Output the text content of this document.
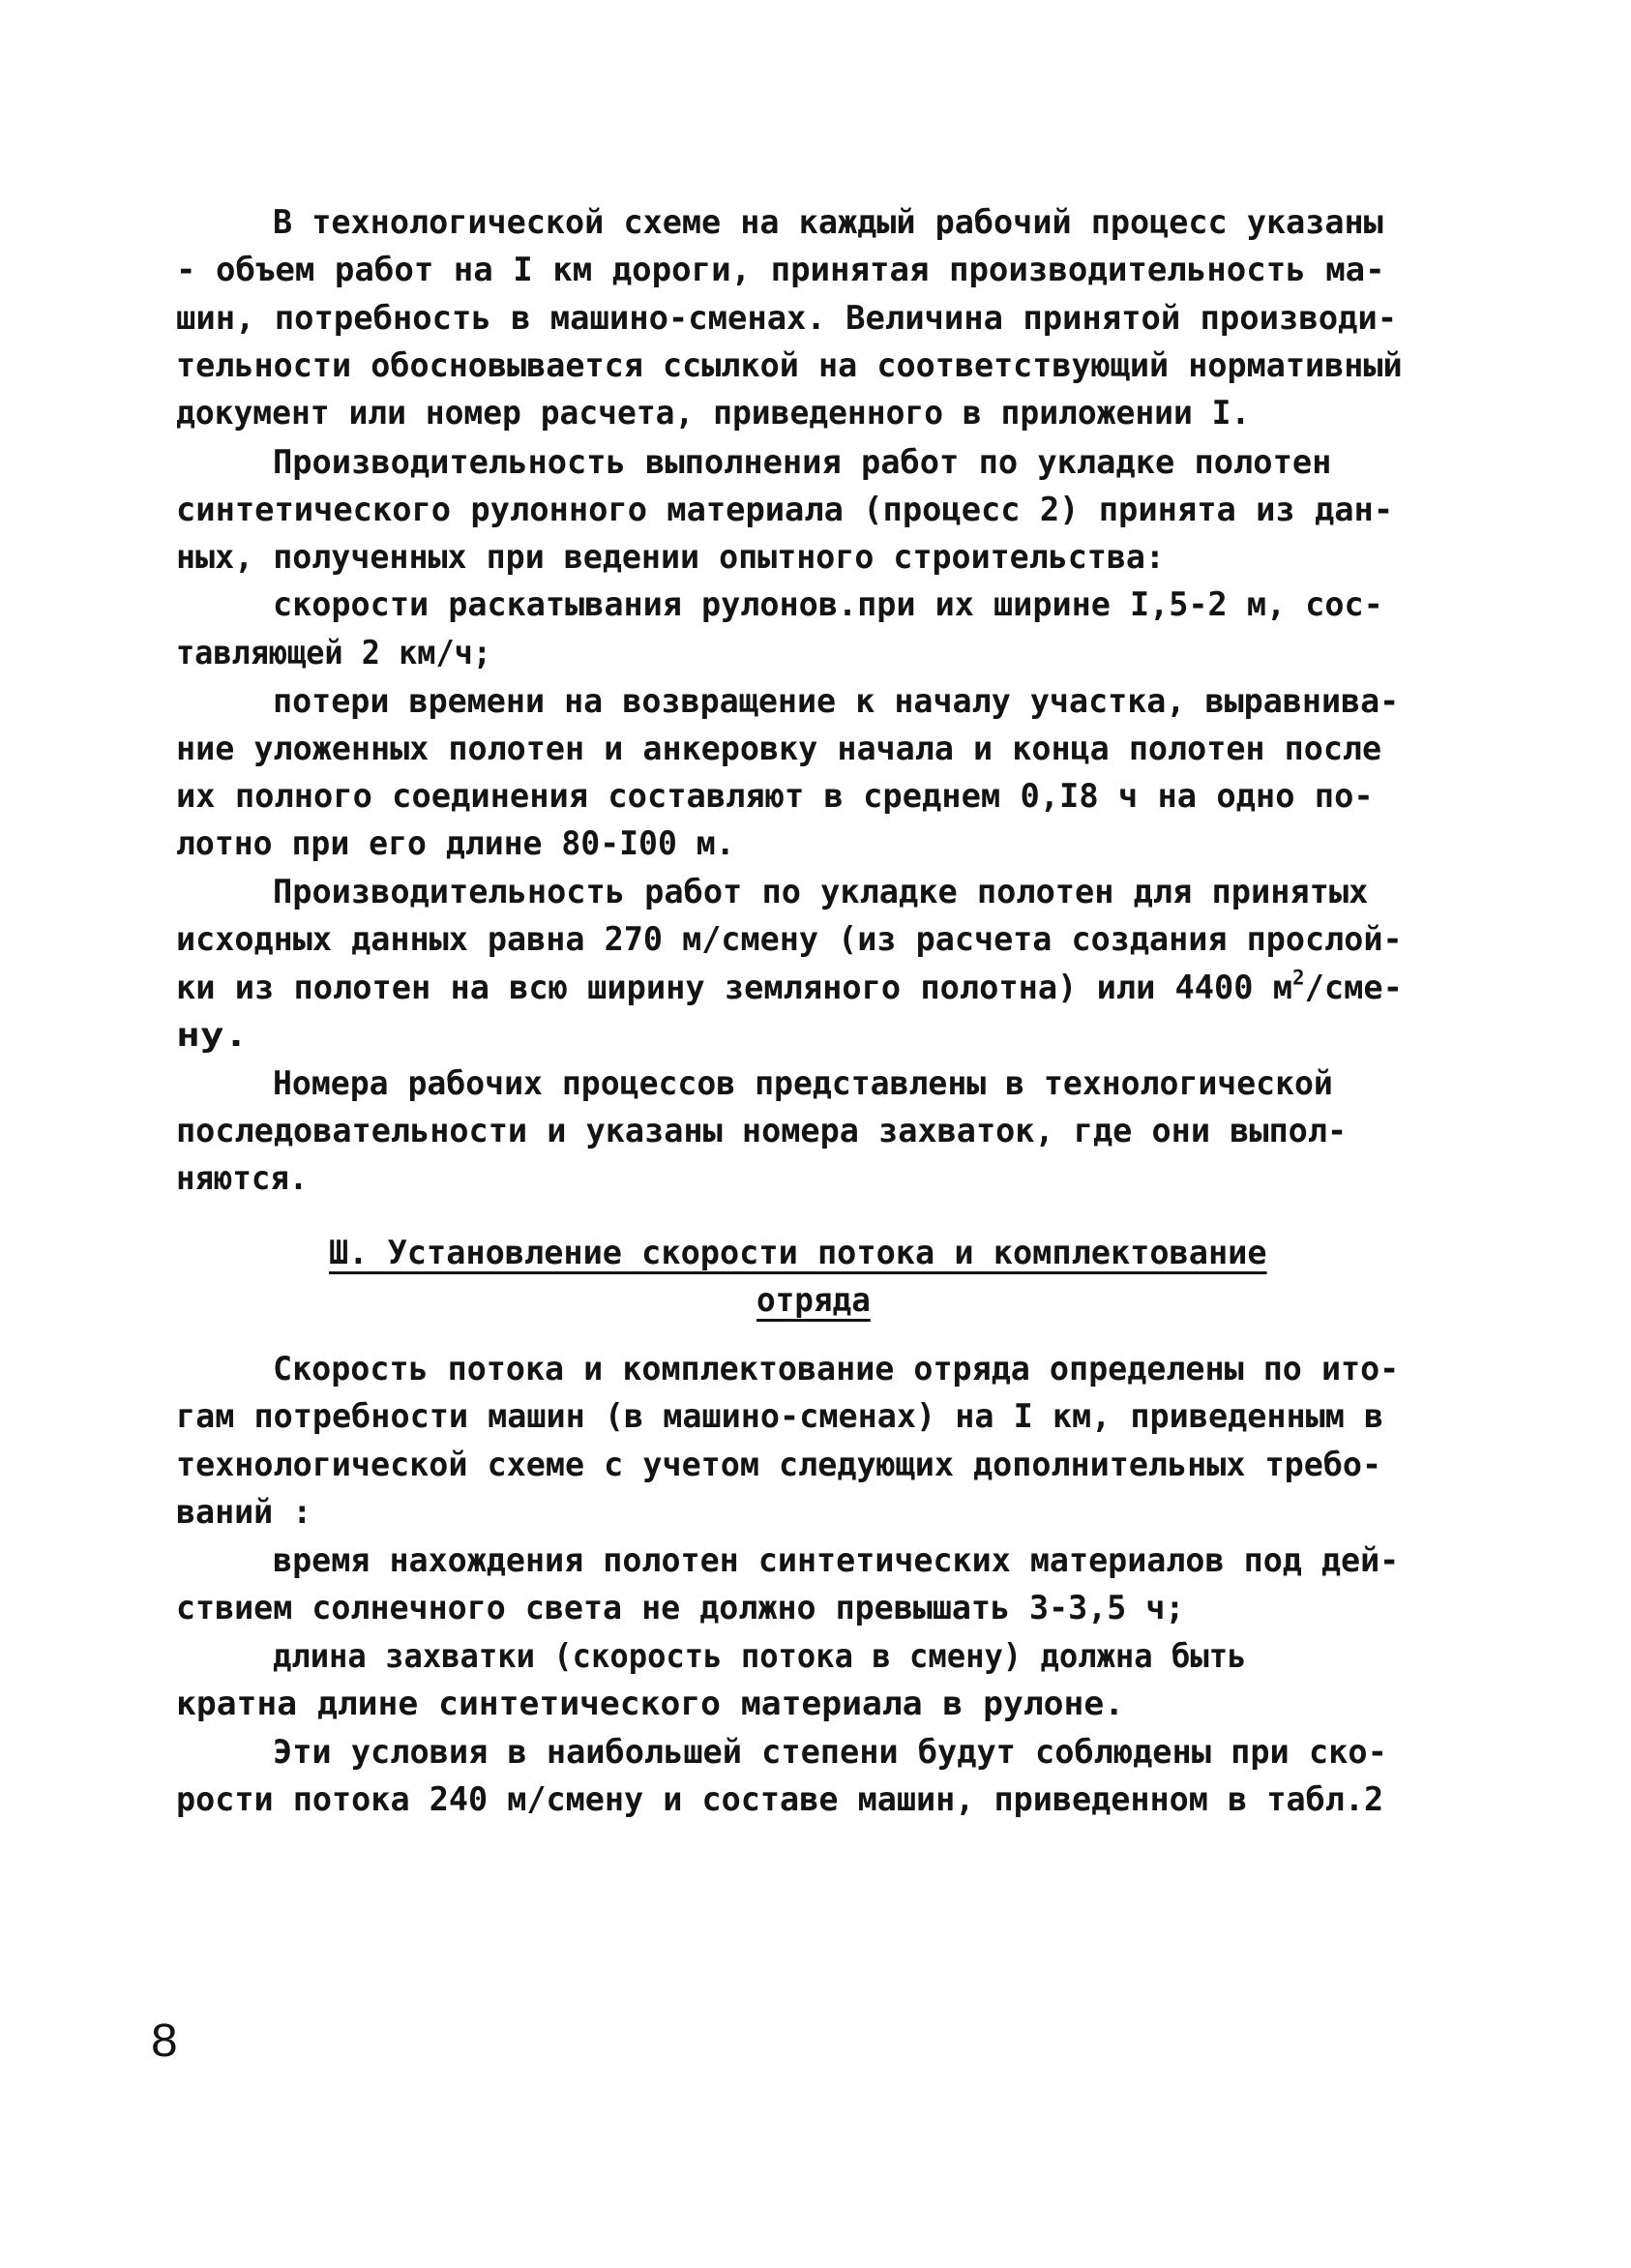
В технологической схеме на каждый рабочий процесс указаны
- объем работ на I км дороги, принятая производительность ма-
шин, потребность в машино-сменах. Величина принятой производи-
тельности обосновывается ссылкой на соответствующий нормативный
документ или номер расчета, приведенного в приложении I.
Производительность выполнения работ по укладке полотен
синтетического рулонного материала (процесс 2) принята из дан-
ных, полученных при ведении опытного строительства:
скорости раскатывания рулонов.при их ширине I,5-2 м, сос-
тавляющей 2 км/ч;
потери времени на возвращение к началу участка, выравнива-
ние уложенных полотен и анкеровку начала и конца полотен после
их полного соединения составляют в среднем 0,I8 ч на одно по-
лотно при его длине 80-I00 м.
Производительность работ по укладке полотен для принятых
исходных данных равна 270 м/смену (из расчета создания прослой-
ки из полотен на всю ширину земляного полотна) или 4400 $м^2/сме-$
ну.
Номера рабочих процессов представлены в технологической
последовательности и указаны номера захваток, где они выпол-
няются.
Ш. Установление скорости потока и комплектование
отряда
Скорость потока и комплектование отряда определены по ито-
гам потребности машин (в машино-сменах) на I км, приведенным в
технологической схеме с учетом следующих дополнительных требо-
ваний :
время нахождения полотен синтетических материалов под дей-
ствием солнечного света не должно превышать 3-3,5 ч;
длина захватки (скорость потока в смену) должна быть
кратна длине синтетического материала в рулоне.
Эти условия в наибольшей степени будут соблюдены при ско-
рости потока 240 м/смену и составе машин, приведенном в табл.2
8
